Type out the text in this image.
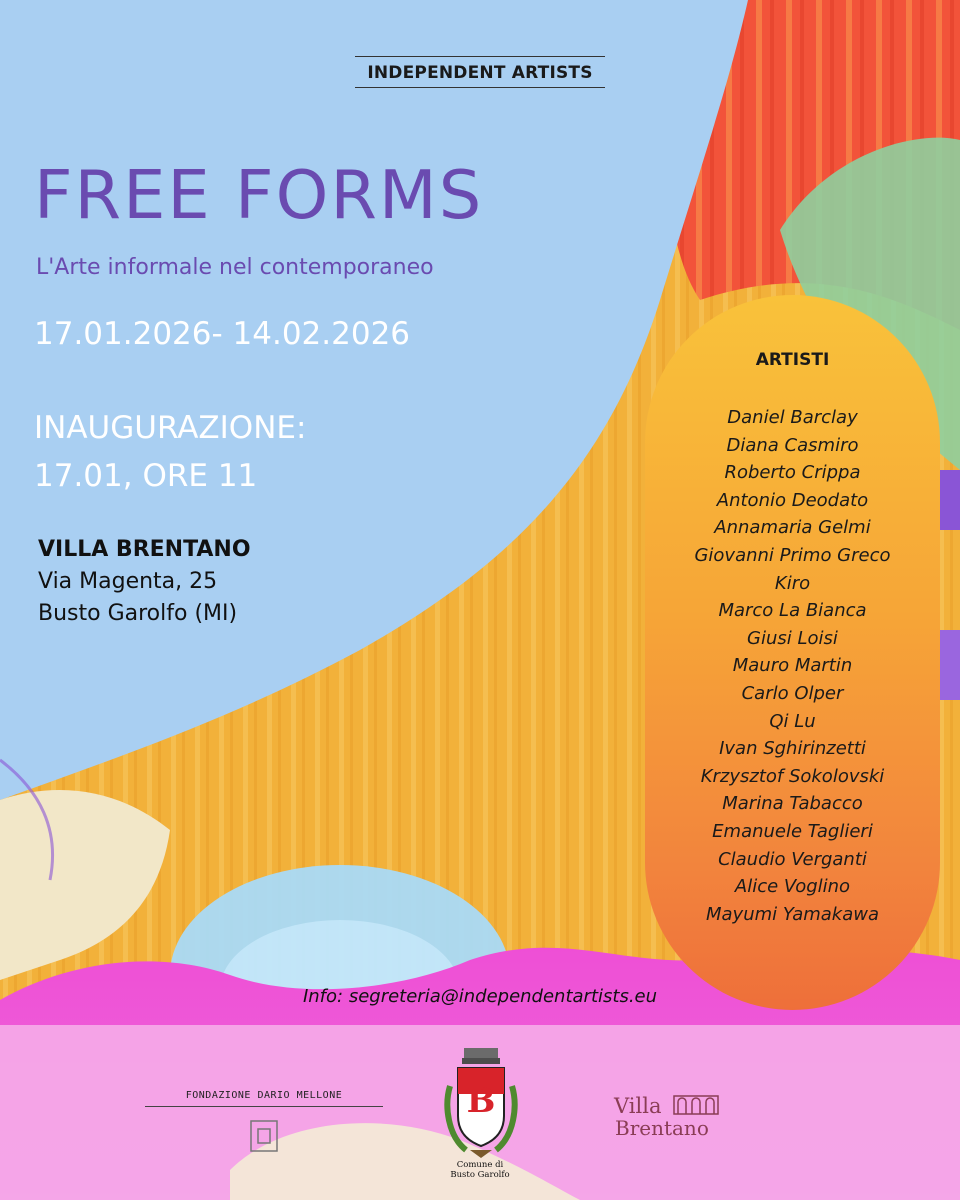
INDEPENDENT ARTISTS
FREE FORMS
L'Arte informale nel contemporaneo
17.01.2026- 14.02.2026
INAUGURAZIONE:
17.01, ORE 11
VILLA BRENTANO
Via Magenta, 25
Busto Garolfo (MI)
ARTISTI
Daniel Barclay
Diana Casmiro
Roberto Crippa
Antonio Deodato
Annamaria Gelmi
Giovanni Primo Greco
Kiro
Marco La Bianca
Giusi Loisi
Mauro Martin
Carlo Olper
Qi Lu
Ivan Sghirinzetti
Krzysztof Sokolovski
Marina Tabacco
Emanuele Taglieri
Claudio Verganti
Alice Voglino
Mayumi Yamakawa
Info: segreteria@independentartists.eu
FONDAZIONE DARIO MELLONE	B
Comune di
Busto Garolfo
Villa
Brentano
